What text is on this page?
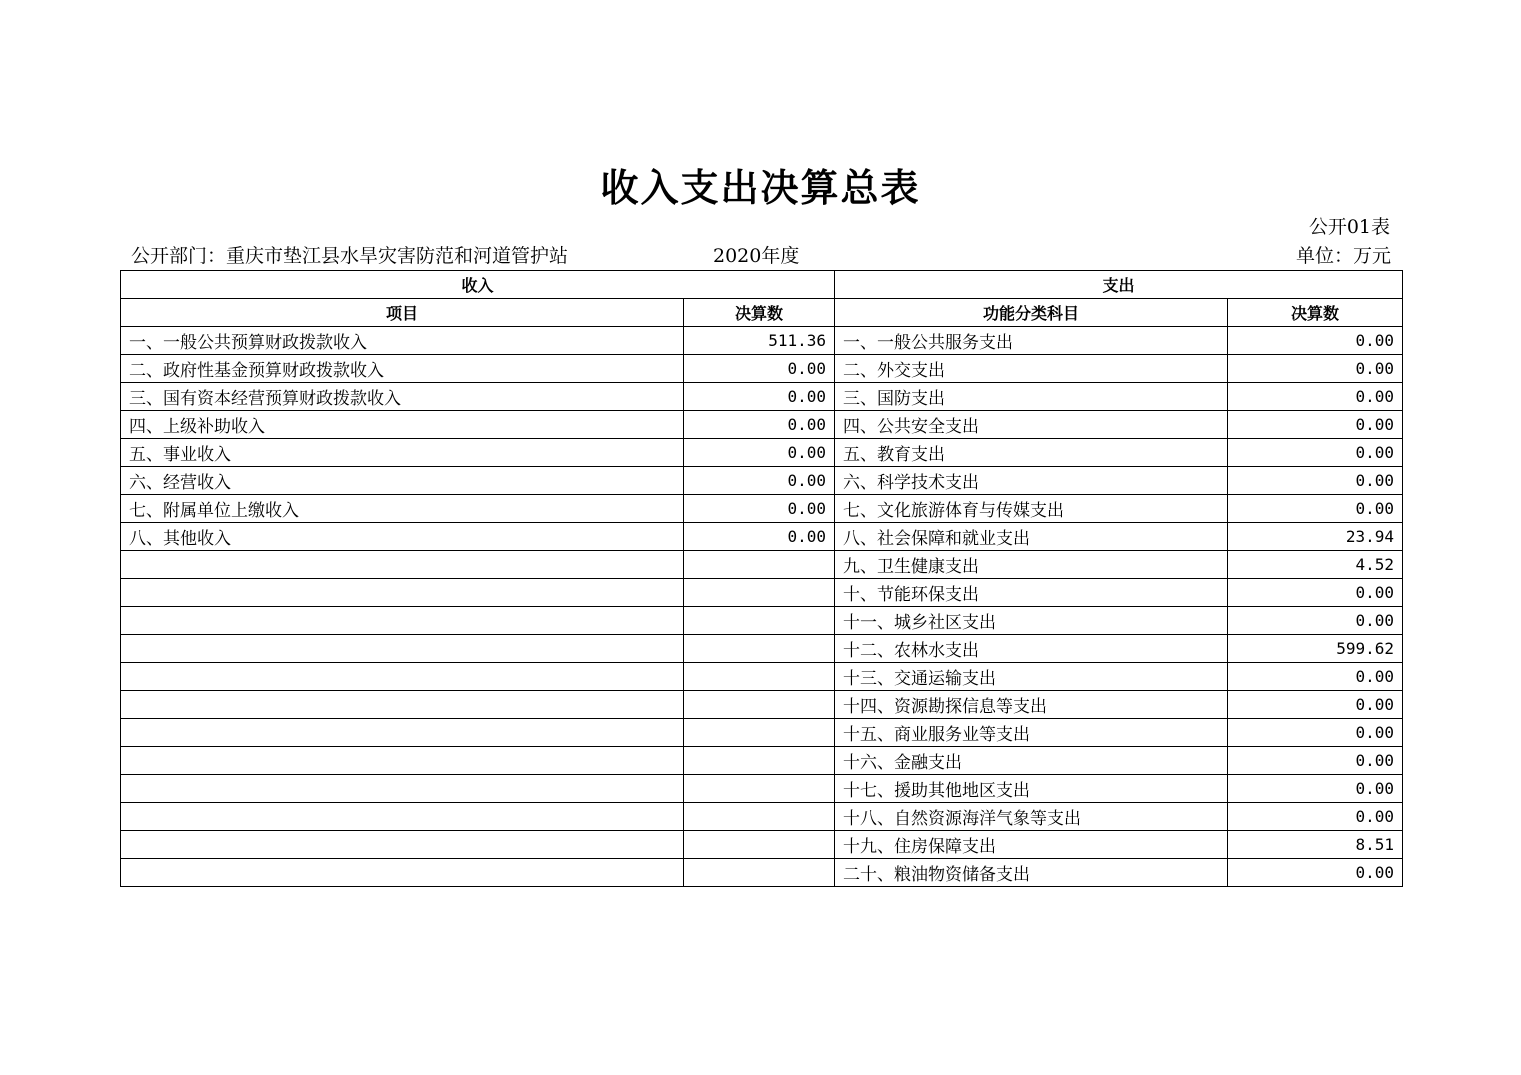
收入支出决算总表
公开01表
公开部门：重庆市垫江县水旱灾害防范和河道管护站	2020年度	单位：万元
收入		支出	
项目	决算数	功能分类科目	决算数
一、一般公共预算财政拨款收入	511.36	一、一般公共服务支出	0.00
二、政府性基金预算财政拨款收入	0.00	二、外交支出	0.00
三、国有资本经营预算财政拨款收入	0.00	三、国防支出	0.00
四、上级补助收入	0.00	四、公共安全支出	0.00
五、事业收入	0.00	五、教育支出	0.00
六、经营收入	0.00	六、科学技术支出	0.00
七、附属单位上缴收入	0.00	七、文化旅游体育与传媒支出	0.00
八、其他收入	0.00	八、社会保障和就业支出	23.94
		九、卫生健康支出	4.52
		十、节能环保支出	0.00
		十一、城乡社区支出	0.00
		十二、农林水支出	599.62
		十三、交通运输支出	0.00
		十四、资源勘探信息等支出	0.00
		十五、商业服务业等支出	0.00
		十六、金融支出	0.00
		十七、援助其他地区支出	0.00
		十八、自然资源海洋气象等支出	0.00
		十九、住房保障支出	8.51
		二十、粮油物资储备支出	0.00
